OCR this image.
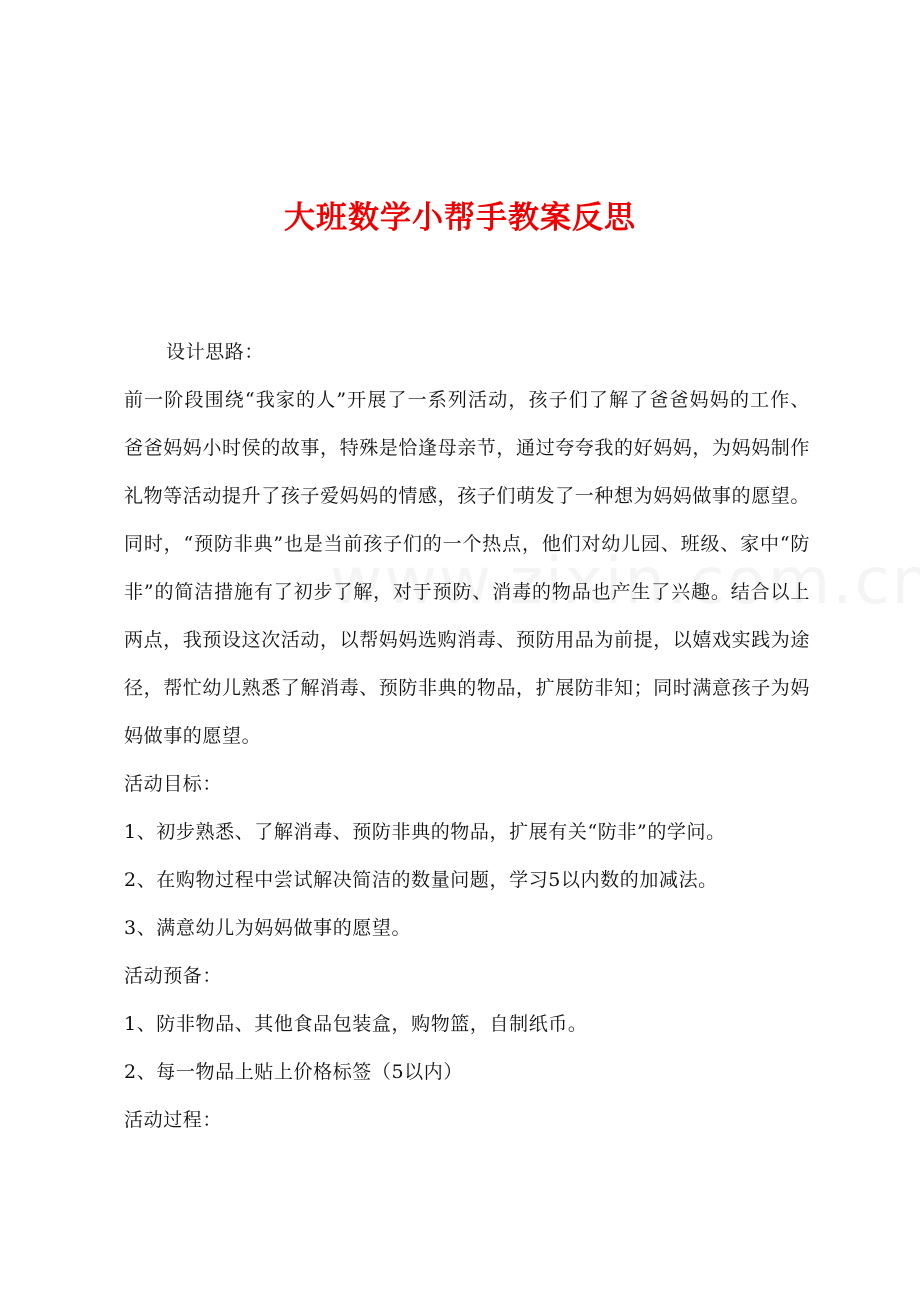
大班数学小帮手教案反思
设计思路：

前一阶段围绕“我家的人”开展了一系列活动，孩子们了解了爸爸妈妈的工作、爸爸妈妈小时侯的故事，特殊是恰逢母亲节，通过夸夸我的好妈妈，为妈妈制作礼物等活动提升了孩子爱妈妈的情感，孩子们萌发了一种想为妈妈做事的愿望。同时，“预防非典”也是当前孩子们的一个热点，他们对幼儿园、班级、家中“防非”的简洁措施有了初步了解，对于预防、消毒的物品也产生了兴趣。结合以上两点，我预设这次活动，以帮妈妈选购消毒、预防用品为前提，以嬉戏实践为途径，帮忙幼儿熟悉了解消毒、预防非典的物品，扩展防非知；同时满意孩子为妈妈做事的愿望。

活动目标：
1、初步熟悉、了解消毒、预防非典的物品，扩展有关“防非”的学问。
2、在购物过程中尝试解决简洁的数量问题，学习5以内数的加减法。
3、满意幼儿为妈妈做事的愿望。
活动预备：
1、防非物品、其他食品包装盒，购物篮，自制纸币。
2、每一物品上贴上价格标签（5以内）
活动过程：
